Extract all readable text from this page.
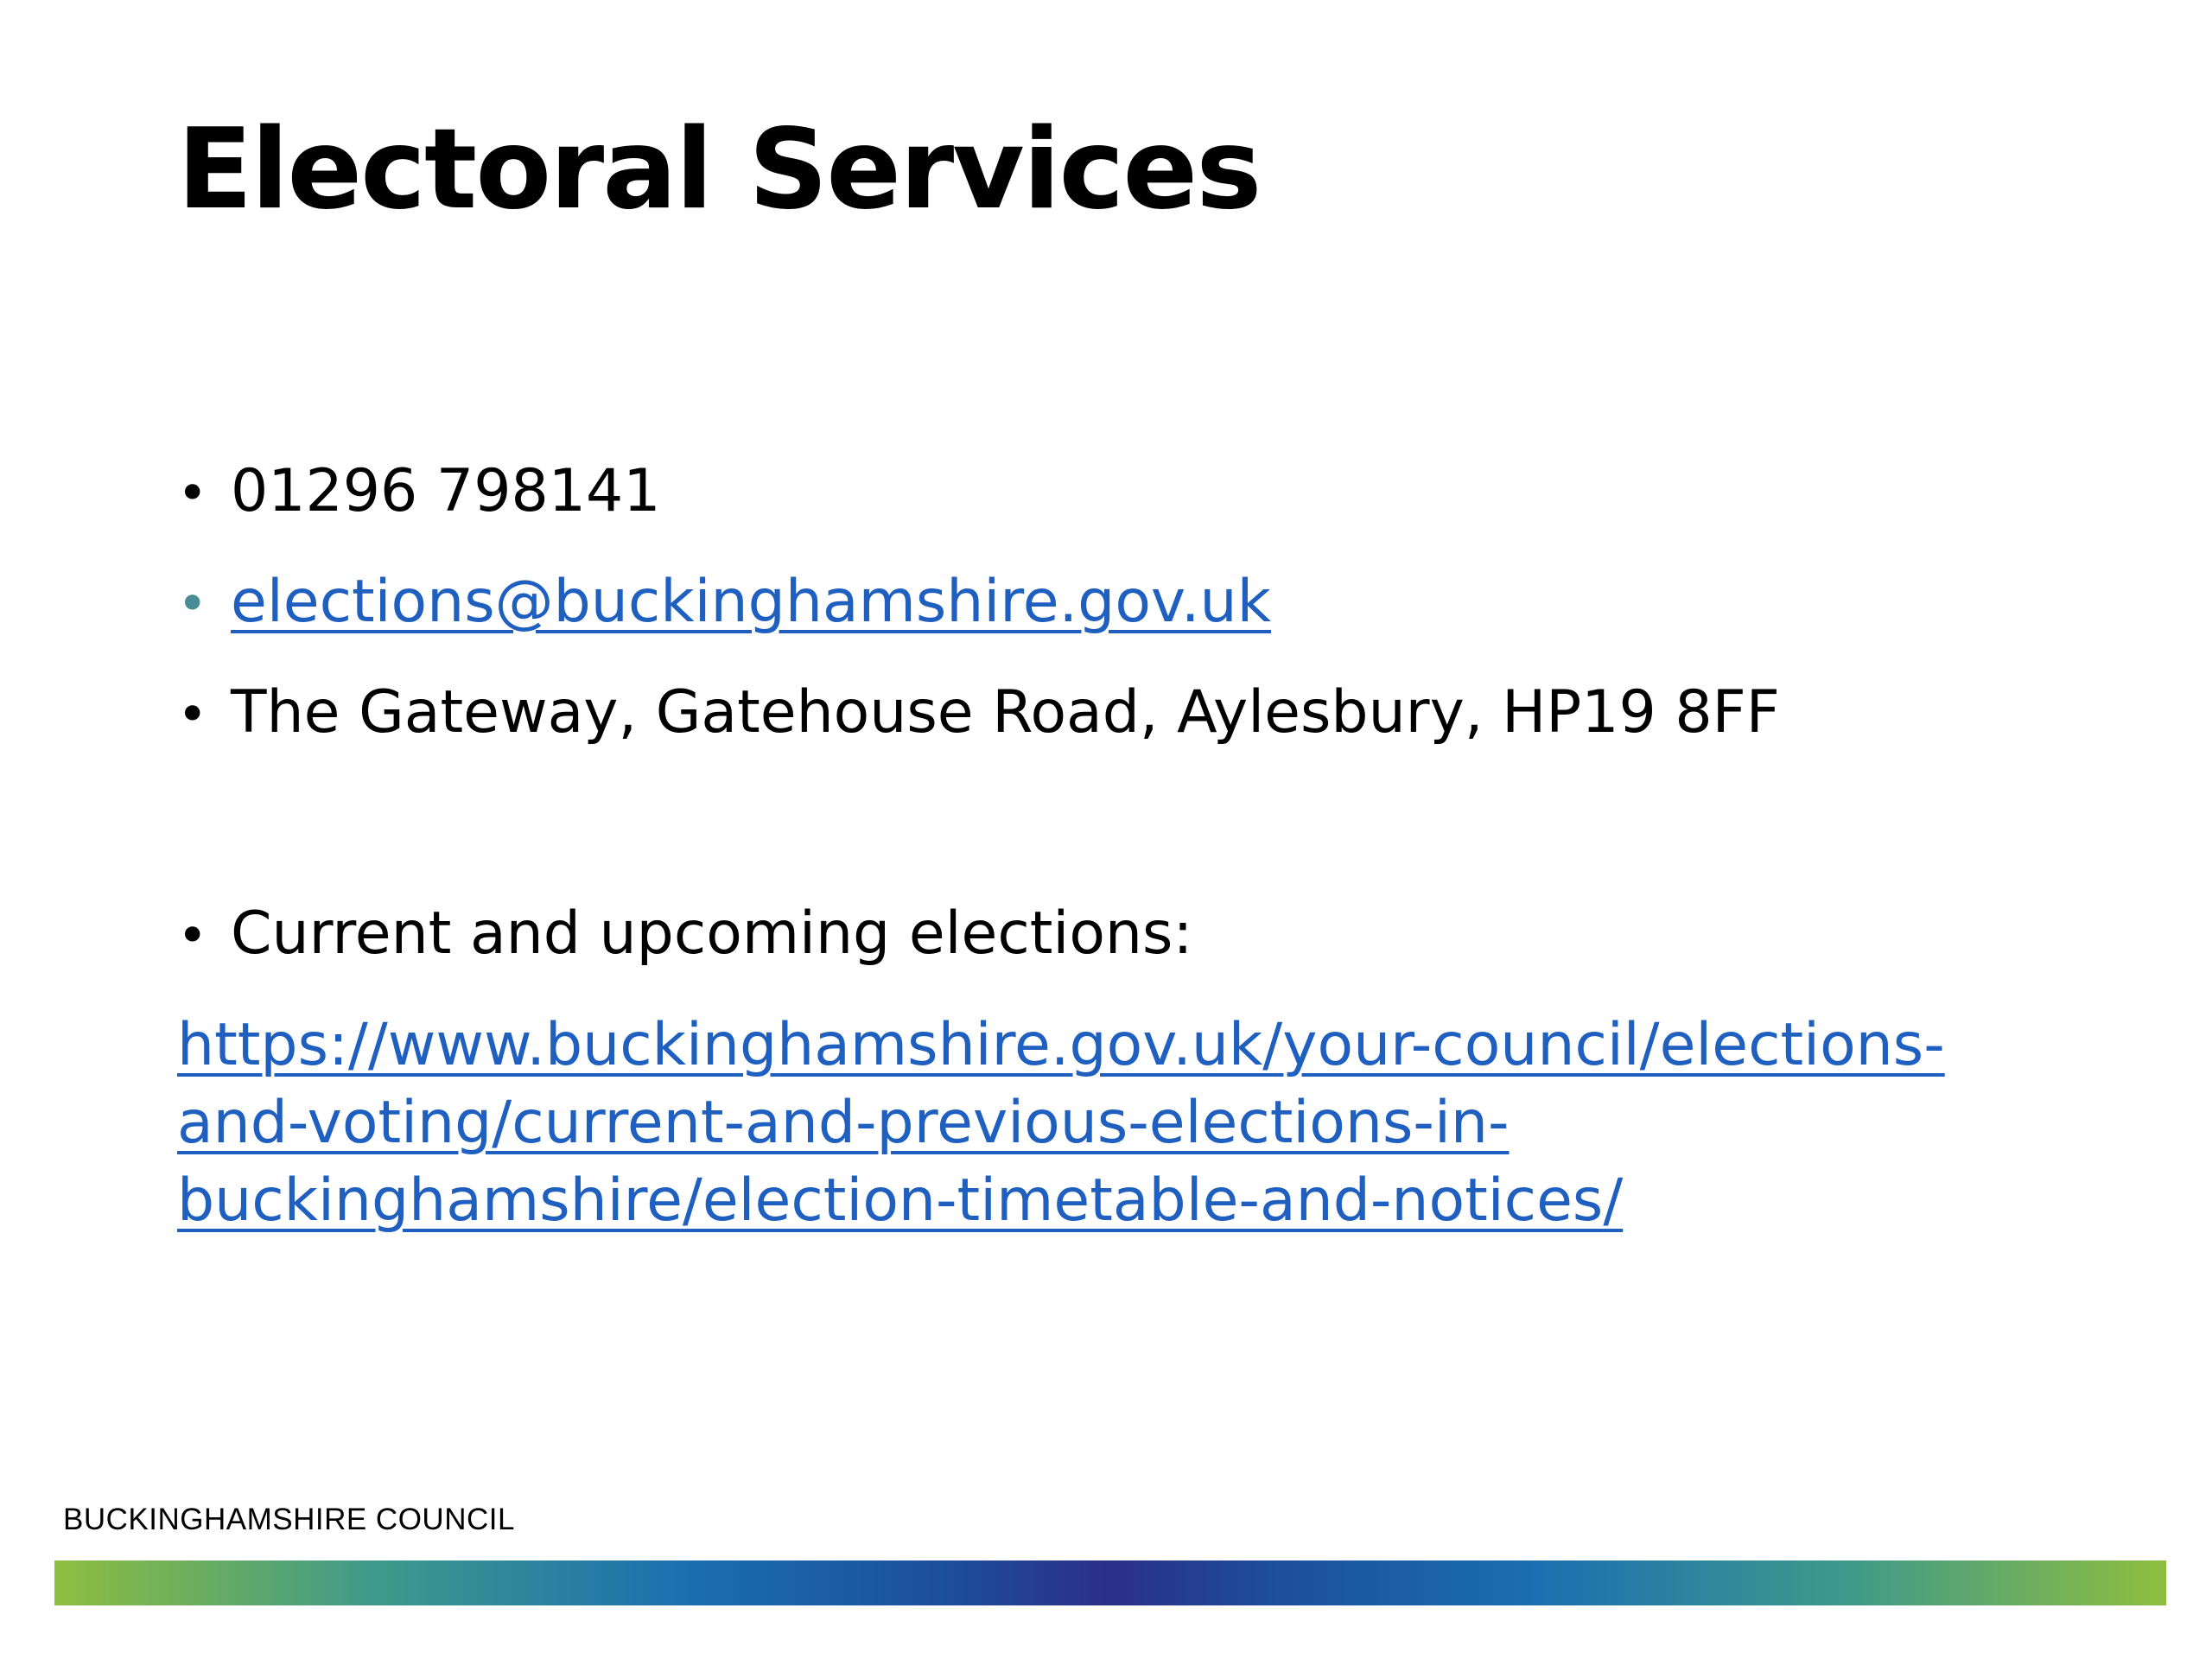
Electoral Services
• 01296 798141
• elections@buckinghamshire.gov.uk
• The Gateway, Gatehouse Road, Aylesbury, HP19 8FF
• Current and upcoming elections:
https://www.buckinghamshire.gov.uk/your-council/elections-
and-voting/current-and-previous-elections-in-
buckinghamshire/election-timetable-and-notices/
BUCKINGHAMSHIRE COUNCIL
